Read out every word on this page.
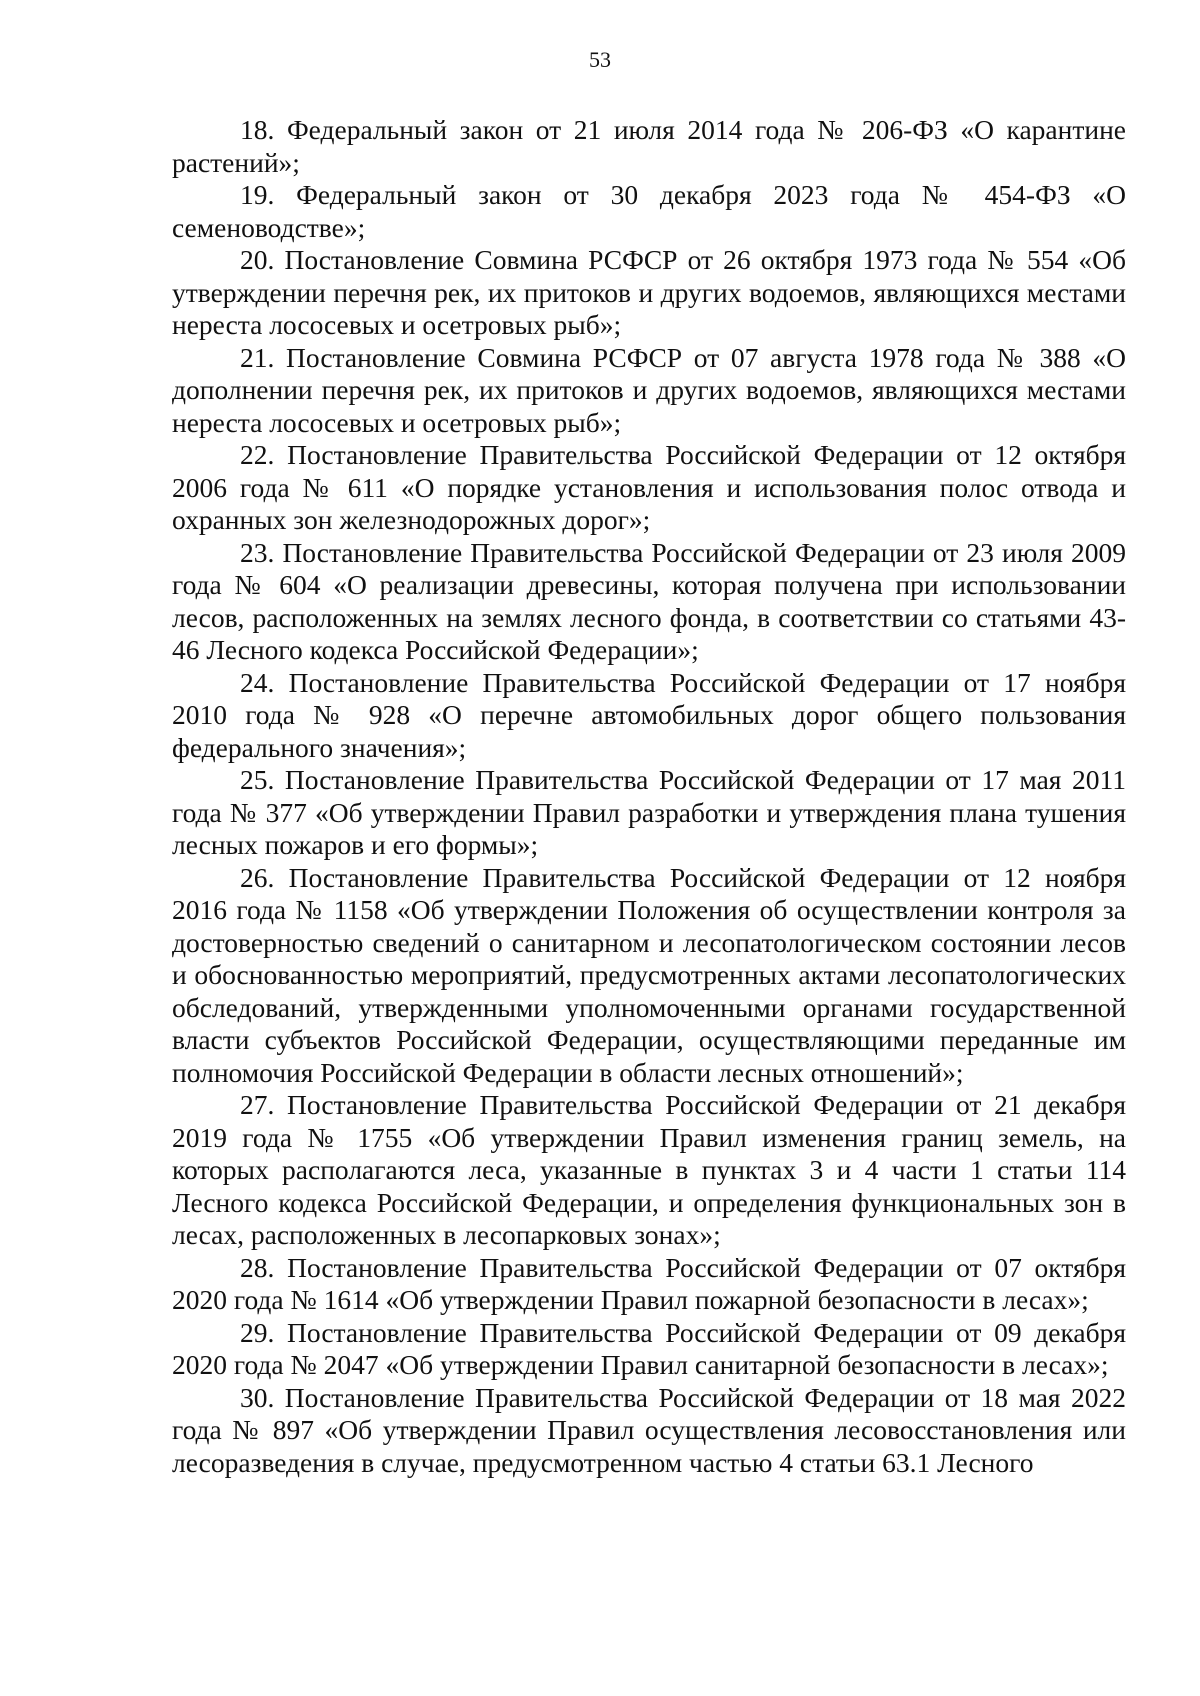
53

18. Федеральный закон от 21 июля 2014 года № 206-ФЗ «О карантине растений»;

19. Федеральный закон от 30 декабря 2023 года № 454-ФЗ «О семеноводстве»;

20. Постановление Совмина РСФСР от 26 октября 1973 года № 554 «Об утверждении перечня рек, их притоков и других водоемов, являющихся местами нереста лососевых и осетровых рыб»;

21. Постановление Совмина РСФСР от 07 августа 1978 года № 388 «О дополнении перечня рек, их притоков и других водоемов, являющихся местами нереста лососевых и осетровых рыб»;

22. Постановление Правительства Российской Федерации от 12 октября 2006 года № 611 «О порядке установления и использования полос отвода и охранных зон железнодорожных дорог»;

23. Постановление Правительства Российской Федерации от 23 июля 2009 года № 604 «О реализации древесины, которая получена при использовании лесов, расположенных на землях лесного фонда, в соответствии со статьями 43-46 Лесного кодекса Российской Федерации»;

24. Постановление Правительства Российской Федерации от 17 ноября 2010 года № 928 «О перечне автомобильных дорог общего пользования федерального значения»;

25. Постановление Правительства Российской Федерации от 17 мая 2011 года № 377 «Об утверждении Правил разработки и утверждения плана тушения лесных пожаров и его формы»;

26. Постановление Правительства Российской Федерации от 12 ноября 2016 года № 1158 «Об утверждении Положения об осуществлении контроля за достоверностью сведений о санитарном и лесопатологическом состоянии лесов и обоснованностью мероприятий, предусмотренных актами лесопатологических обследований, утвержденными уполномоченными органами государственной власти субъектов Российской Федерации, осуществляющими переданные им полномочия Российской Федерации в области лесных отношений»;

27. Постановление Правительства Российской Федерации от 21 декабря 2019 года № 1755 «Об утверждении Правил изменения границ земель, на которых располагаются леса, указанные в пунктах 3 и 4 части 1 статьи 114 Лесного кодекса Российской Федерации, и определения функциональных зон в лесах, расположенных в лесопарковых зонах»;

28. Постановление Правительства Российской Федерации от 07 октября 2020 года № 1614 «Об утверждении Правил пожарной безопасности в лесах»;

29. Постановление Правительства Российской Федерации от 09 декабря 2020 года № 2047 «Об утверждении Правил санитарной безопасности в лесах»;

30. Постановление Правительства Российской Федерации от 18 мая 2022 года № 897 «Об утверждении Правил осуществления лесовосстановления или лесоразведения в случае, предусмотренном частью 4 статьи 63.1 Лесного
